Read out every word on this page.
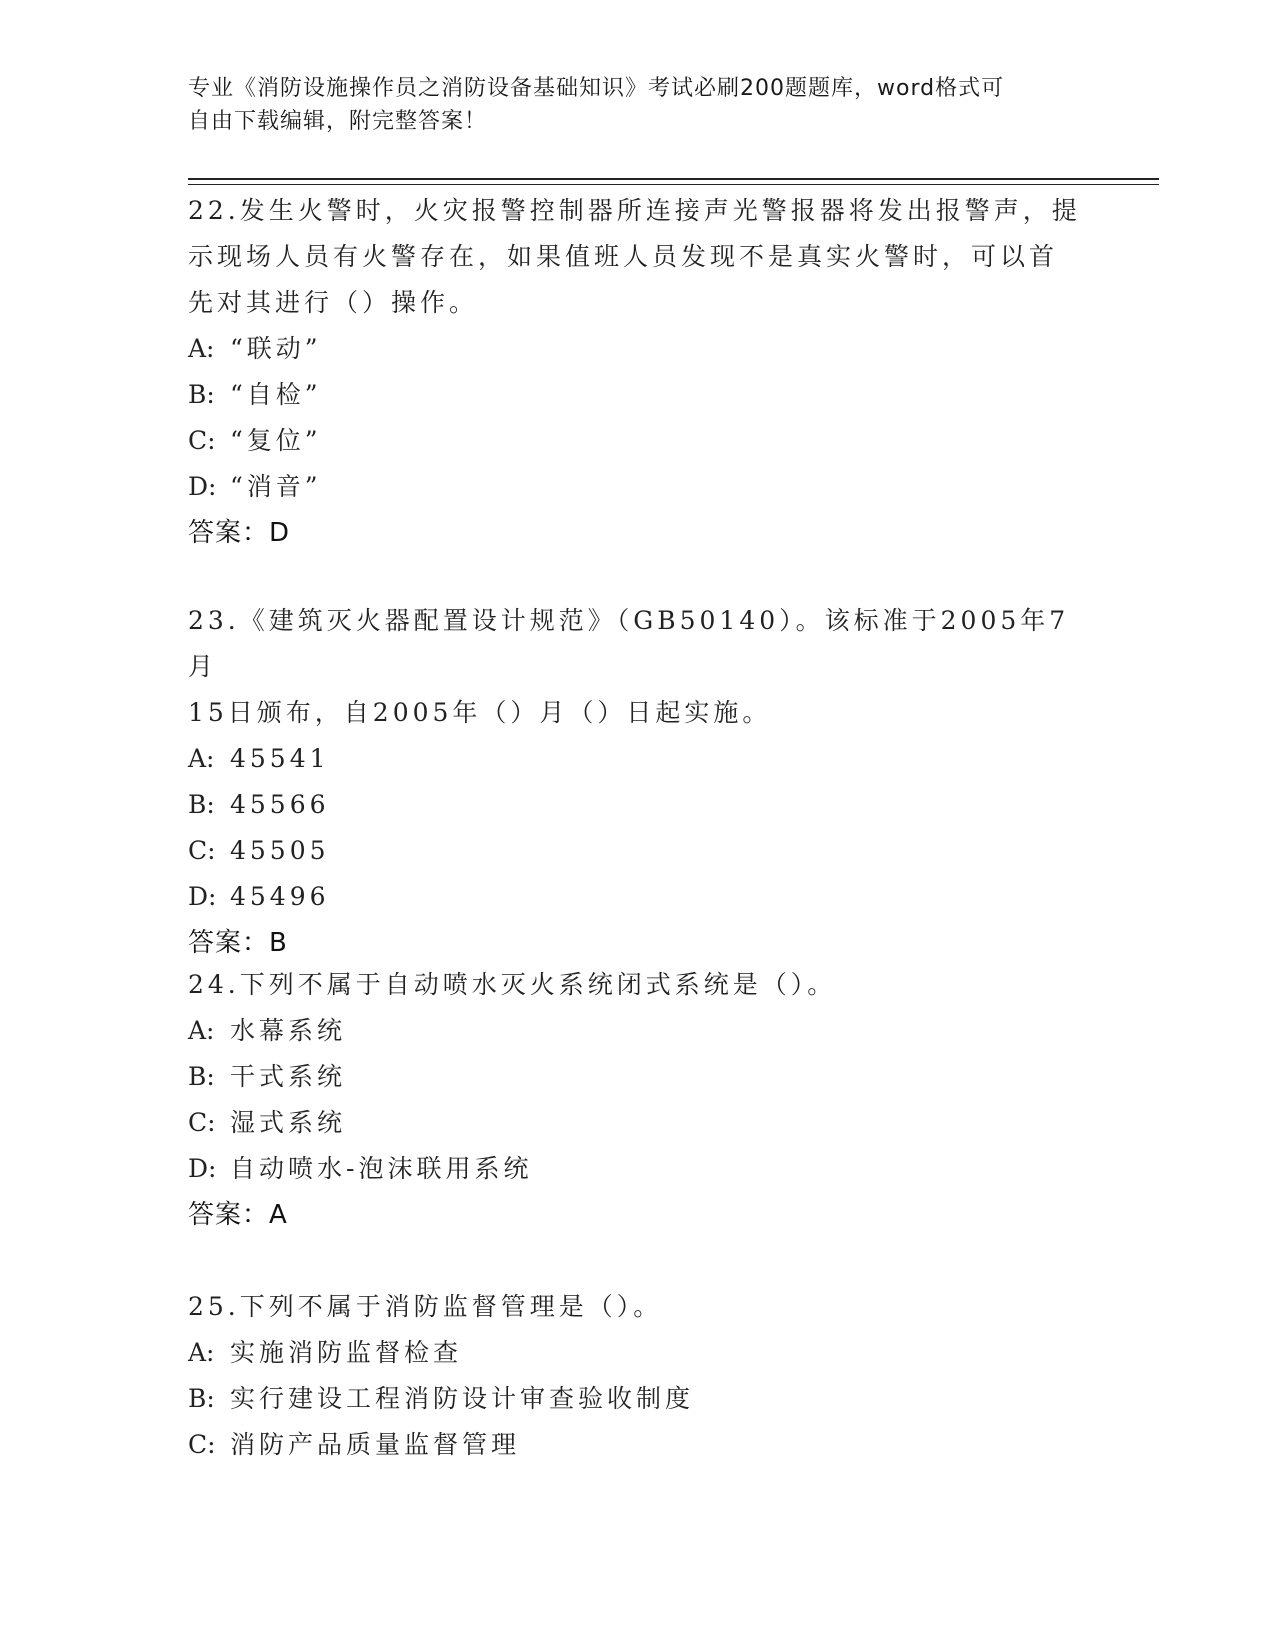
专业《消防设施操作员之消防设备基础知识》考试必刷200题题库，word格式可
自由下载编辑，附完整答案！

22.发生火警时，火灾报警控制器所连接声光警报器将发出报警声，提

示现场人员有火警存在，如果值班人员发现不是真实火警时，可以首

先对其进行（）操作。

A: “联动”
B: “自检”
C: “复位”
D: “消音”

答案：D

23.《建筑灭火器配置设计规范》（GB50140）。该标准于2005年7月

15日颁布，自2005年（）月（）日起实施。

A: 45541
B: 45566
C: 45505
D: 45496

答案：B

24.下列不属于自动喷水灭火系统闭式系统是（）。

A: 水幕系统
B: 干式系统
C: 湿式系统
D: 自动喷水-泡沫联用系统

答案：A

25.下列不属于消防监督管理是（）。

A: 实施消防监督检查
B: 实行建设工程消防设计审查验收制度
C: 消防产品质量监督管理
